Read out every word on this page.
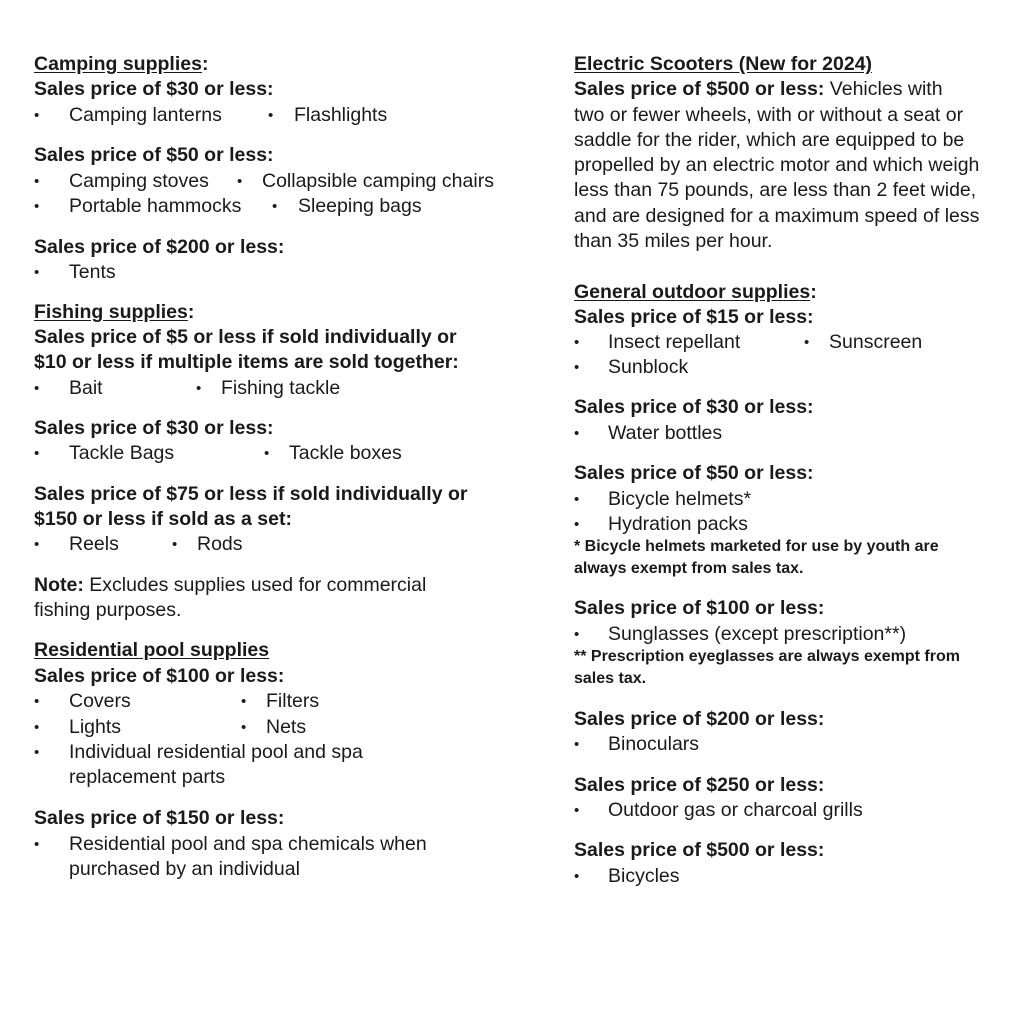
Camping supplies:
Sales price of $30 or less:
• Camping lanterns	• Flashlights
Sales price of $50 or less:
• Camping stoves • Collapsible camping chairs
• Portable hammocks • Sleeping bags
Sales price of $200 or less:
• Tents
Fishing supplies:
Sales price of $5 or less if sold individually or
$10 or less if multiple items are sold together:
• Bait	• Fishing tackle
Sales price of $30 or less:
• Tackle Bags	• Tackle boxes
Sales price of $75 or less if sold individually or
$150 or less if sold as a set:
• Reels	• Rods
Note: Excludes supplies used for commercial
fishing purposes.
Residential pool supplies
Sales price of $100 or less:
• Covers	• Filters
• Lights	• Nets
• Individual residential pool and spa
replacement parts
Sales price of $150 or less:
• Residential pool and spa chemicals when
purchased by an individual
Electric Scooters (New for 2024)
Sales price of $500 or less: Vehicles with
two or fewer wheels, with or without a seat or
saddle for the rider, which are equipped to be
propelled by an electric motor and which weigh
less than 75 pounds, are less than 2 feet wide,
and are designed for a maximum speed of less
than 35 miles per hour.
General outdoor supplies:
Sales price of $15 or less:
• Insect repellant	• Sunscreen
• Sunblock
Sales price of $30 or less:
• Water bottles
Sales price of $50 or less:
• Bicycle helmets*
• Hydration packs
* Bicycle helmets marketed for use by youth are
always exempt from sales tax.
Sales price of $100 or less:
• Sunglasses (except prescription**)
** Prescription eyeglasses are always exempt from
sales tax.
Sales price of $200 or less:
• Binoculars
Sales price of $250 or less:
• Outdoor gas or charcoal grills
Sales price of $500 or less:
• Bicycles
